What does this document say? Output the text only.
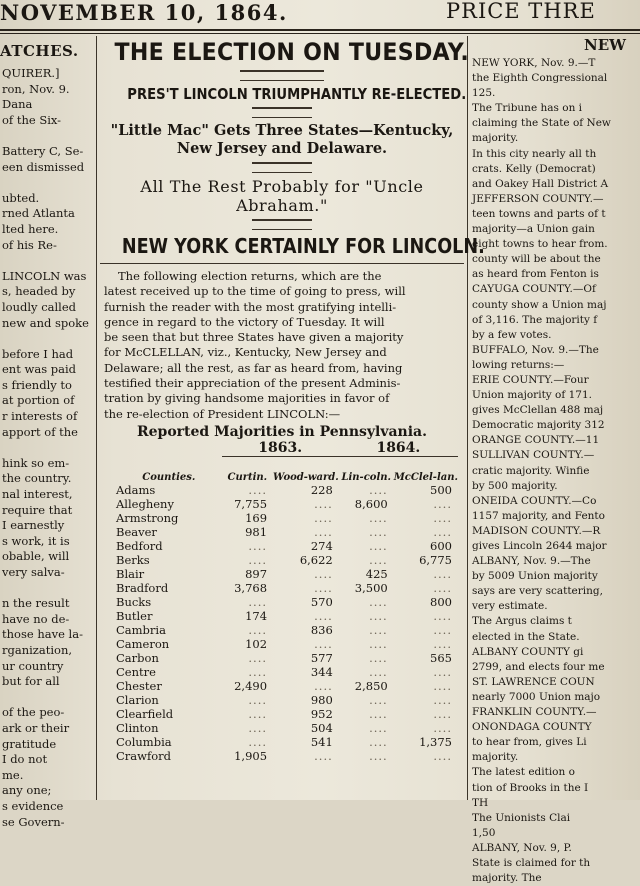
NOVEMBER 10, 1864.	PRICE THRE
ATCHES.
QUIRER.]
ron, Nov. 9.
Dana
of the Six-
Battery C, Se-
een dismissed
ubted.
rned Atlanta
lted here.
of his Re-
LINCOLN was
s, headed by
loudly called
new and spoke
before I had
ent was paid
s friendly to
at portion of
r interests of
apport of the
hink so em-
the country.
nal interest,
require that
I earnestly
s work, it is
obable, will
very salva-
n the result
have no de-
those have la-
rganization,
ur country
but for all
of the peo-
ark or their
gratitude
I do not
me.
any one;
s evidence
se Govern-
THE ELECTION ON TUESDAY.
PRES'T LINCOLN TRIUMPHANTLY RE-ELECTED.
"Little Mac" Gets Three States—Kentucky,
New Jersey and Delaware.
All The Rest Probably for "Uncle
Abraham."
NEW YORK CERTAINLY FOR LINCOLN.
The following election returns, which are the
latest received up to the time of going to press, will
furnish the reader with the most gratifying intelli-
gence in regard to the victory of Tuesday. It will
be seen that but three States have given a majority
for McCLELLAN, viz., Kentucky, New Jersey and
Delaware; all the rest, as far as heard from, having
testified their appreciation of the present Adminis-
tration by giving handsome majorities in favor of
the re-election of President LINCOLN:—
Reported Majorities in Pennsylvania.
	1863.		1864.	
Counties.	Curtin.	Wood-ward.	Lin-coln.	McClel-lan.
Adams	....	228	....	500
Allegheny	7,755	....	8,600	....
Armstrong	169	....	....	....
Beaver	981	....	....	....
Bedford	....	274	....	600
Berks	....	6,622	....	6,775
Blair	897	....	425	....
Bradford	3,768	....	3,500	....
Bucks	....	570	....	800
Butler	174	....	....	....
Cambria	....	836	....	....
Cameron	102	....	....	....
Carbon	....	577	....	565
Centre	....	344	....	....
Chester	2,490	....	2,850	....
Clarion	....	980	....	....
Clearfield	....	952	....	....
Clinton	....	504	....	....
Columbia	....	541	....	1,375
Crawford	1,905	....	....	....
NEW
NEW YORK, Nov. 9.—T
the Eighth Congressional
125.
The Tribune has on i
claiming the State of New
majority.
In this city nearly all th
crats. Kelly (Democrat)
and Oakey Hall District A
JEFFERSON COUNTY.—
teen towns and parts of t
majority—a Union gain
eight towns to hear from.
county will be about the
as heard from Fenton is
CAYUGA COUNTY.—Of
county show a Union maj
of 3,116. The majority f
by a few votes.
BUFFALO, Nov. 9.—The
lowing returns:—
ERIE COUNTY.—Four
Union majority of 171.
gives McClellan 488 maj
Democratic majority 312
ORANGE COUNTY.—11
SULLIVAN COUNTY.—
cratic majority. Winfie
by 500 majority.
ONEIDA COUNTY.—Co
1157 majority, and Fento
MADISON COUNTY.—R
gives Lincoln 2644 major
ALBANY, Nov. 9.—The
by 5009 Union majority
says are very scattering,
very estimate.
The Argus claims t
elected in the State.
ALBANY COUNTY gi
2799, and elects four me
ST. LAWRENCE COUN
nearly 7000 Union majo
FRANKLIN COUNTY.—
ONONDAGA COUNTY
to hear from, gives Li
majority.
The latest edition o
tion of Brooks in the I
TH
The Unionists Clai
1,50
ALBANY, Nov. 9, P.
State is claimed for th
majority. The
